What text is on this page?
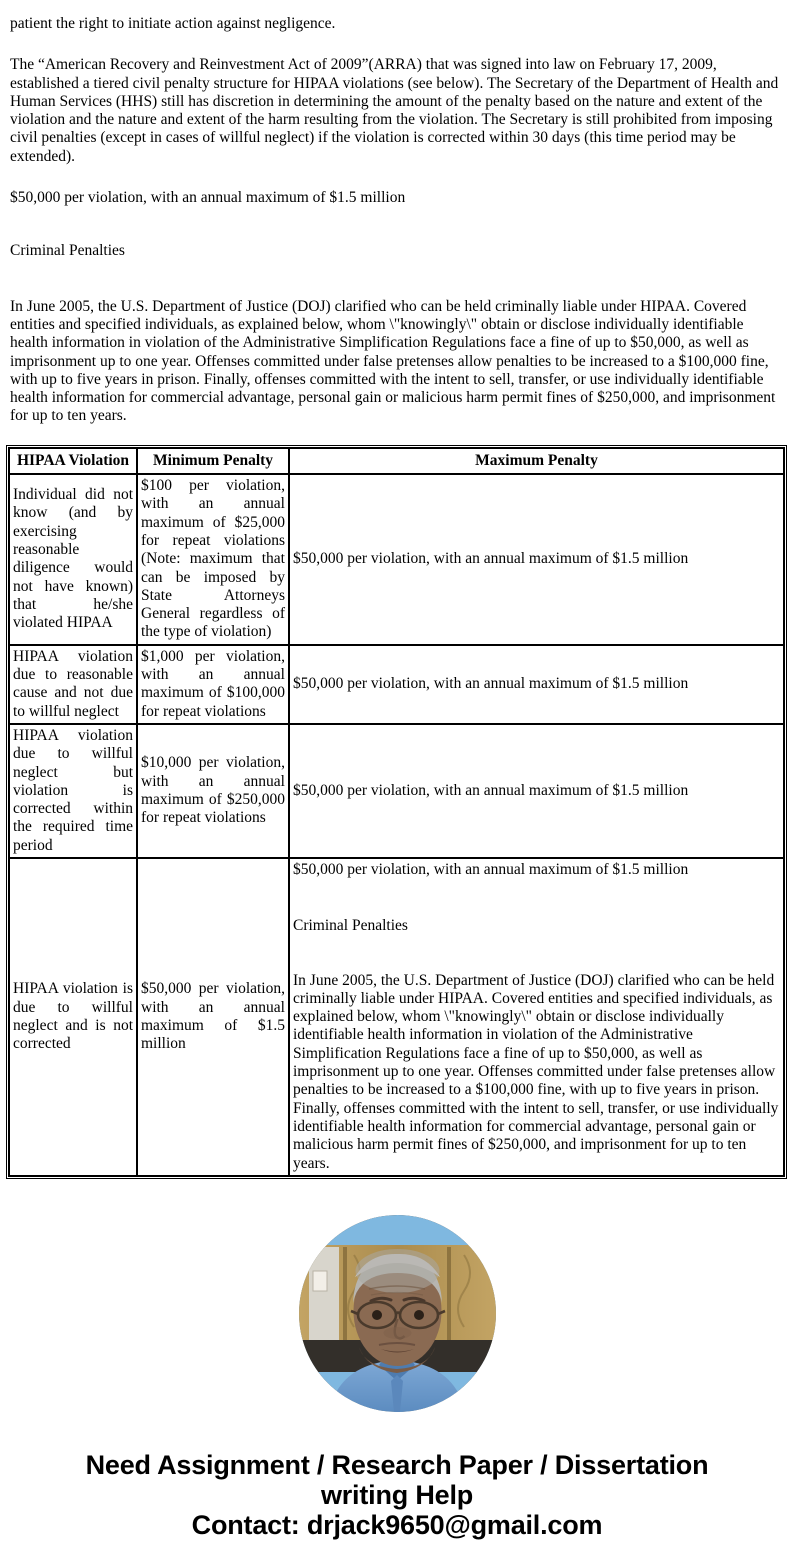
patient the right to initiate action against negligence.

The “American Recovery and Reinvestment Act of 2009”(ARRA) that was signed into law on February 17, 2009, established a tiered civil penalty structure for HIPAA violations (see below). The Secretary of the Department of Health and Human Services (HHS) still has discretion in determining the amount of the penalty based on the nature and extent of the violation and the nature and extent of the harm resulting from the violation. The Secretary is still prohibited from imposing civil penalties (except in cases of willful neglect) if the violation is corrected within 30 days (this time period may be extended).

$50,000 per violation, with an annual maximum of $1.5 million

Criminal Penalties

In June 2005, the U.S. Department of Justice (DOJ) clarified who can be held criminally liable under HIPAA. Covered entities and specified individuals, as explained below, whom \"knowingly\" obtain or disclose individually identifiable health information in violation of the Administrative Simplification Regulations face a fine of up to $50,000, as well as imprisonment up to one year. Offenses committed under false pretenses allow penalties to be increased to a $100,000 fine, with up to five years in prison. Finally, offenses committed with the intent to sell, transfer, or use individually identifiable health information for commercial advantage, personal gain or malicious harm permit fines of $250,000, and imprisonment for up to ten years.

HIPAA Violation	Minimum Penalty	Maximum Penalty
Individual did not know (and by exercising reasonable diligence would not have known) that he/she violated HIPAA	$100 per violation, with an annual maximum of $25,000 for repeat violations (Note: maximum that can be imposed by State Attorneys General regardless of the type of violation)	$50,000 per violation, with an annual maximum of $1.5 million
HIPAA violation due to reasonable cause and not due to willful neglect	$1,000 per violation, with an annual maximum of $100,000 for repeat violations	$50,000 per violation, with an annual maximum of $1.5 million
HIPAA violation due to willful neglect but violation is corrected within the required time period	$10,000 per violation, with an annual maximum of $250,000 for repeat violations	$50,000 per violation, with an annual maximum of $1.5 million
HIPAA violation is due to willful neglect and is not corrected	$50,000 per violation, with an annual maximum of $1.5 million	$50,000 per violation, with an annual maximum of $1.5 million

Criminal Penalties

In June 2005, the U.S. Department of Justice (DOJ) clarified who can be held criminally liable under HIPAA. Covered entities and specified individuals, as explained below, whom \"knowingly\" obtain or disclose individually identifiable health information in violation of the Administrative Simplification Regulations face a fine of up to $50,000, as well as imprisonment up to one year. Offenses committed under false pretenses allow penalties to be increased to a $100,000 fine, with up to five years in prison. Finally, offenses committed with the intent to sell, transfer, or use individually identifiable health information for commercial advantage, personal gain or malicious harm permit fines of $250,000, and imprisonment for up to ten years.

Need Assignment / Research Paper / Dissertation
writing Help
Contact: drjack9650@gmail.com
